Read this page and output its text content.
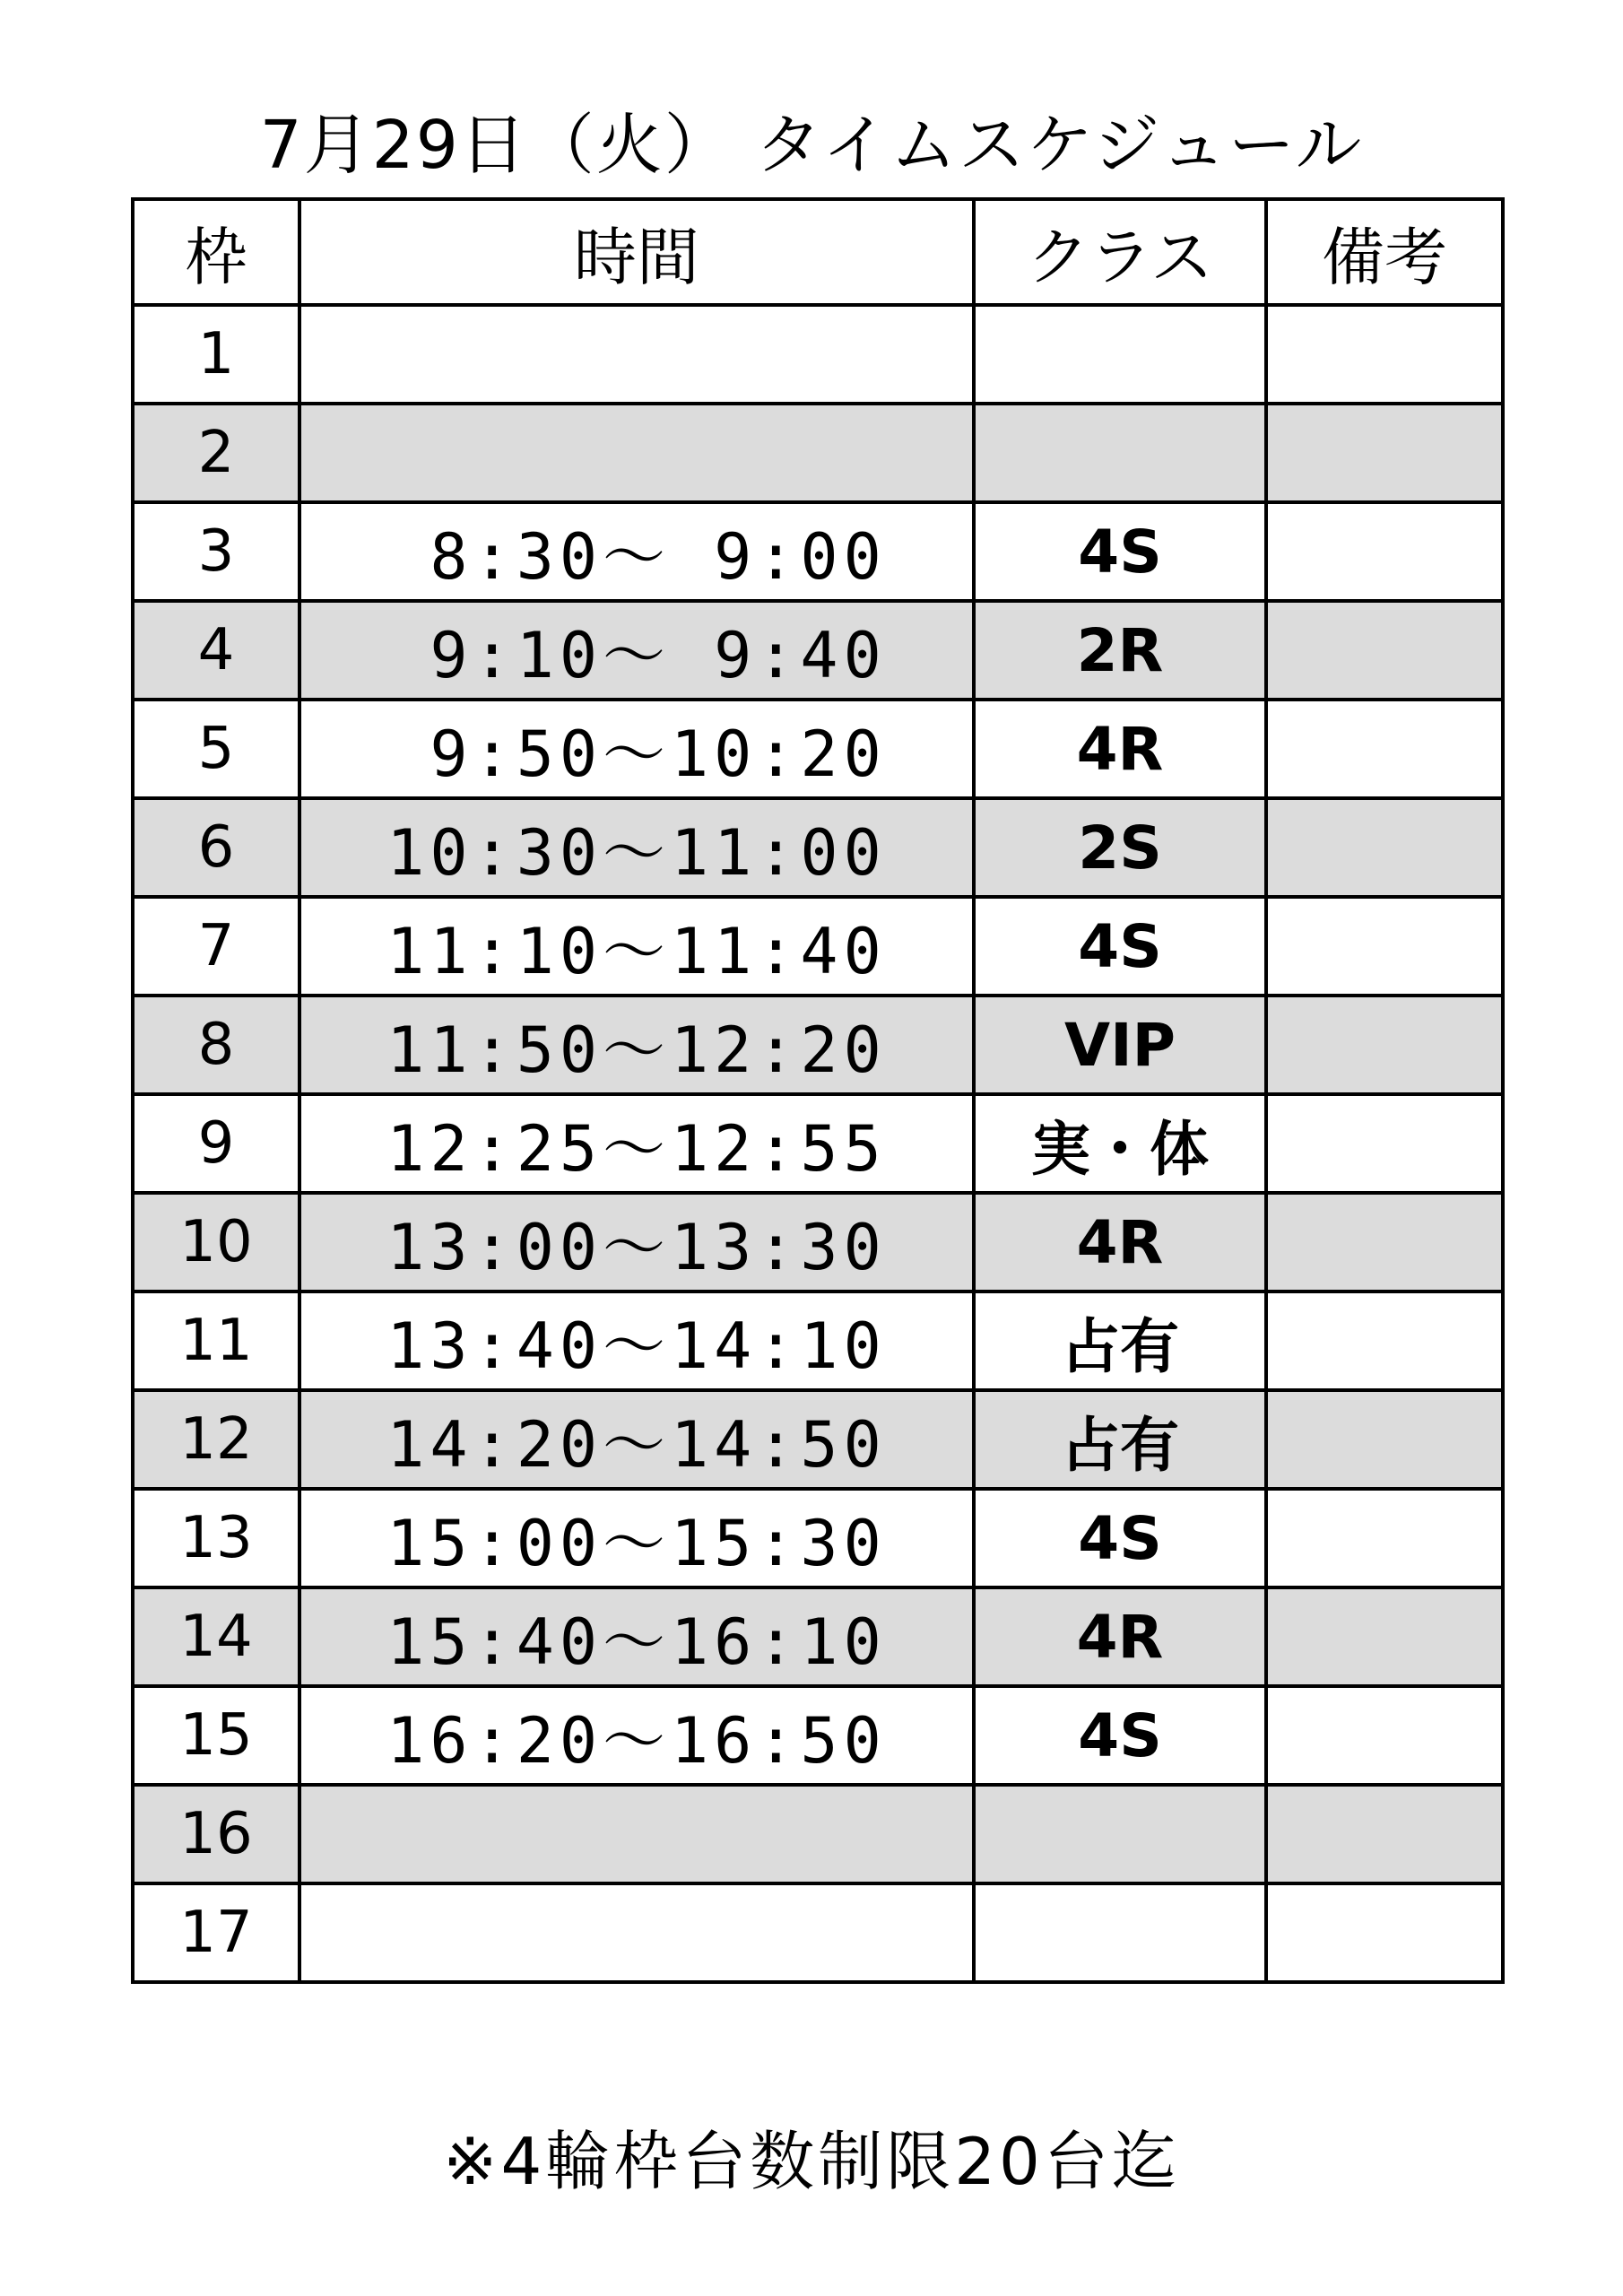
7月29日（火） タイムスケジュール
枠	時間	クラス	備考
1			
2			
3	8:30〜 9:00	4S	
4	9:10〜 9:40	2R	
5	9:50〜10:20	4R	
6	10:30〜11:00	2S	
7	11:10〜11:40	4S	
8	11:50〜12:20	VIP	
9	12:25〜12:55	実・体	
10	13:00〜13:30	4R	
11	13:40〜14:10	占有	
12	14:20〜14:50	占有	
13	15:00〜15:30	4S	
14	15:40〜16:10	4R	
15	16:20〜16:50	4S	
16			
17			
※4輪枠台数制限20台迄
